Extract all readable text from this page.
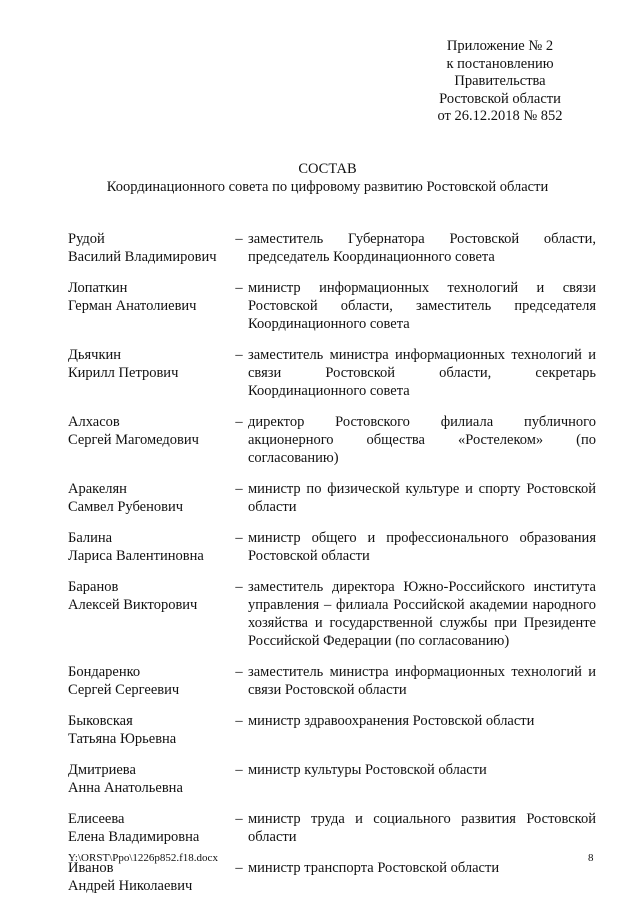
Приложение № 2
к постановлению
Правительства
Ростовской области
от 26.12.2018 № 852
СОСТАВ
Координационного совета по цифровому развитию Ростовской области
Рудой
Василий Владимирович
– заместитель Губернатора Ростовской области, председатель Координационного совета
Лопаткин
Герман Анатолиевич
– министр информационных технологий и связи Ростовской области, заместитель председателя Координационного совета
Дьячкин
Кирилл Петрович
– заместитель министра информационных технологий и связи Ростовской области, секретарь Координационного совета
Алхасов
Сергей Магомедович
– директор Ростовского филиала публичного акционерного общества «Ростелеком» (по согласованию)
Аракелян
Самвел Рубенович
– министр по физической культуре и спорту Ростовской области
Балина
Лариса Валентиновна
– министр общего и профессионального образования Ростовской области
Баранов
Алексей Викторович
– заместитель директора Южно-Российского института управления – филиала Российской академии народного хозяйства и государственной службы при Президенте Российской Федерации (по согласованию)
Бондаренко
Сергей Сергеевич
– заместитель министра информационных технологий и связи Ростовской области
Быковская
Татьяна Юрьевна
– министр здравоохранения Ростовской области
Дмитриева
Анна Анатольевна
– министр культуры Ростовской области
Елисеева
Елена Владимировна
– министр труда и социального развития Ростовской области
Иванов
Андрей Николаевич
– министр транспорта Ростовской области
Y:\ORST\Ppo\1226p852.f18.docx	8
